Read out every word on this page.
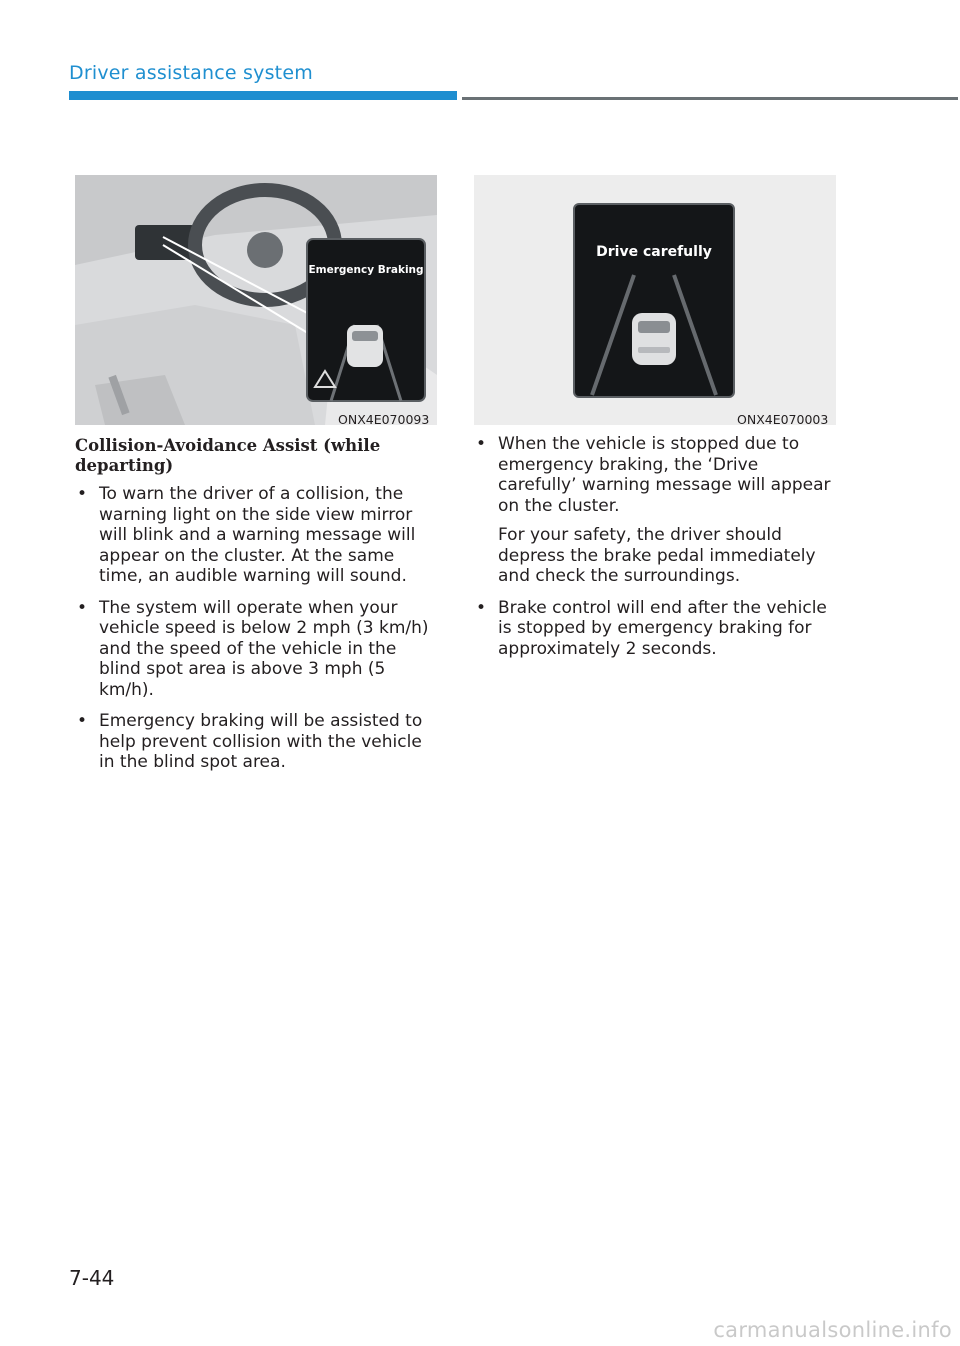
Driver assistance system
Emergency Braking
ONX4E070093
Drive carefully
ONX4E070003
Collision-Avoidance Assist (while departing)
• To warn the driver of a collision, the warning light on the side view mirror will blink and a warning message will appear on the cluster. At the same time, an audible warning will sound.
• The system will operate when your vehicle speed is below 2 mph (3 km/h) and the speed of the vehicle in the blind spot area is above 3 mph (5 km/h).
• Emergency braking will be assisted to help prevent collision with the vehicle in the blind spot area.
• When the vehicle is stopped due to emergency braking, the ‘Drive carefully’ warning message will appear on the cluster.
For your safety, the driver should depress the brake pedal immediately and check the surroundings.
• Brake control will end after the vehicle is stopped by emergency braking for approximately 2 seconds.
7-44
carmanualsonline.info
